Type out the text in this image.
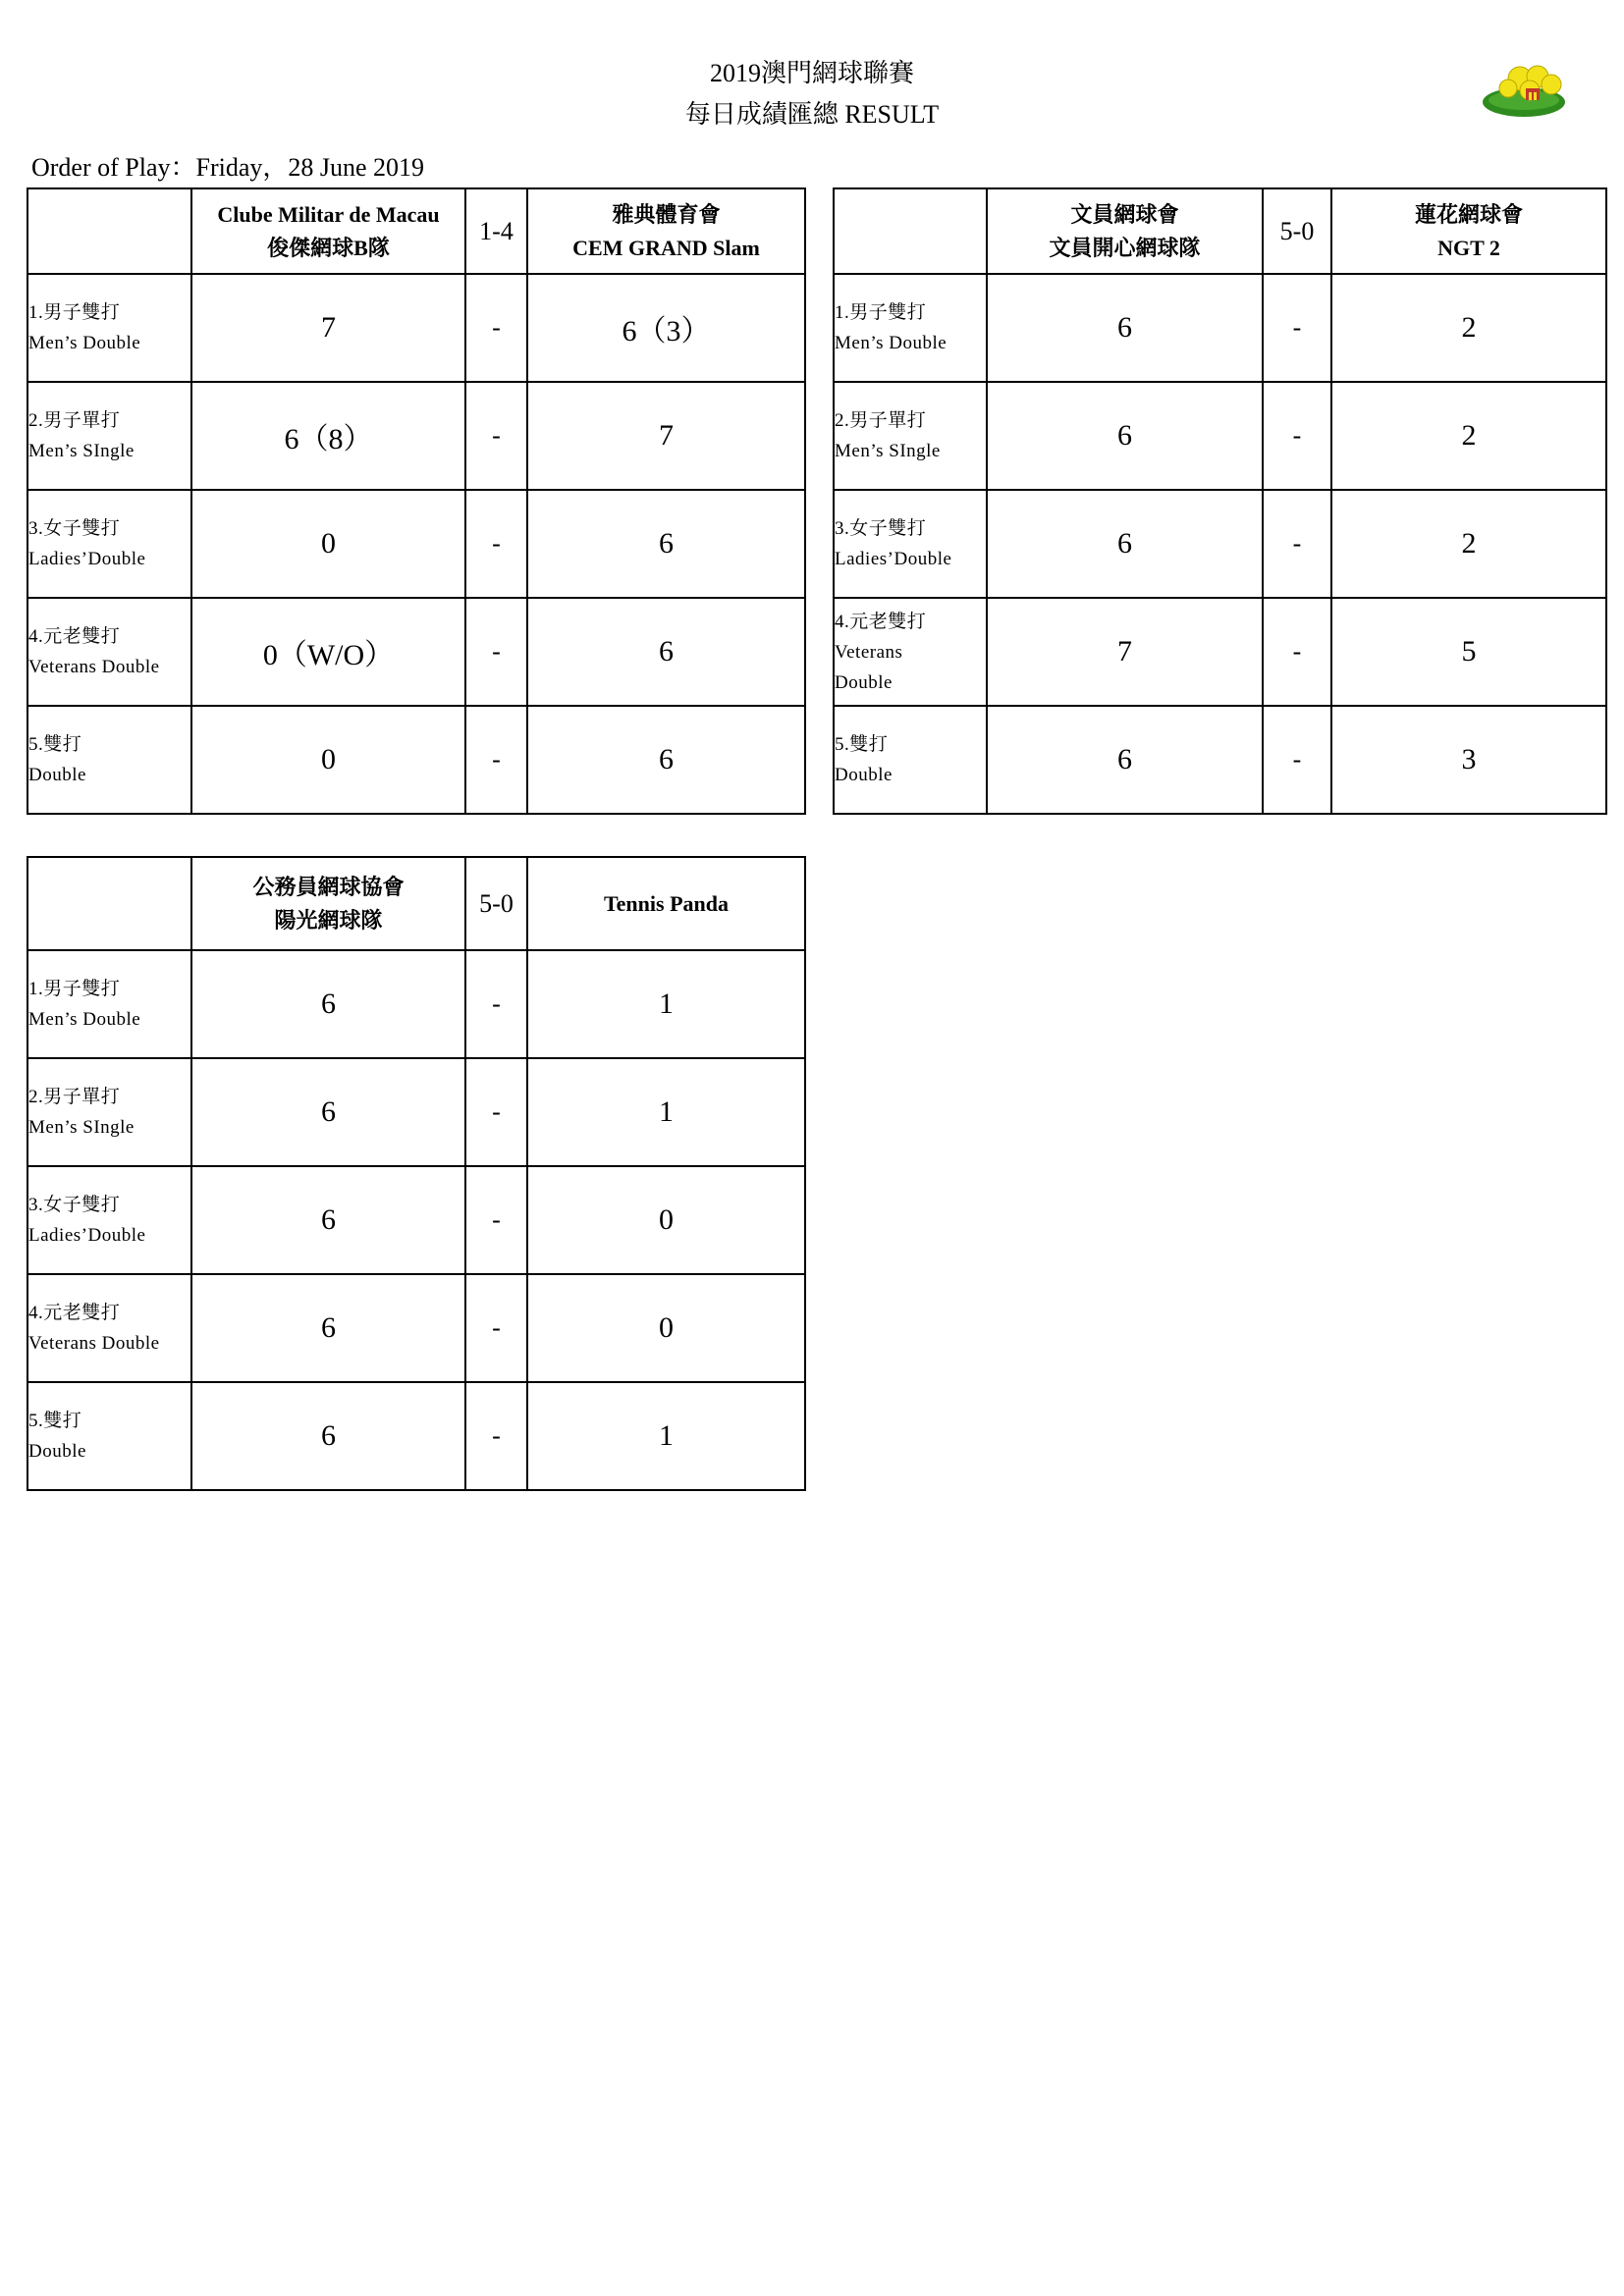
2019澳門網球聯賽
每日成績匯總 RESULT
Order of Play：Friday，28 June 2019

	Clube Militar de Macau
俊傑網球B隊	1-4	雅典體育會
CEM GRAND Slam

1.男子雙打
Men’s Double	7	-	6（3）

2.男子單打
Men’s SIngle	6（8）	-	7

3.女子雙打
Ladies’Double	0	-	6

4.元老雙打
Veterans Double	0（W/O）	-	6

5.雙打
Double	0	-	6

	文員網球會
文員開心網球隊	5-0	蓮花網球會
NGT 2

1.男子雙打
Men’s Double	6	-	2

2.男子單打
Men’s SIngle	6	-	2

3.女子雙打
Ladies’Double	6	-	2

4.元老雙打
Veterans
Double	7	-	5

5.雙打
Double	6	-	3

	公務員網球協會
陽光網球隊	5-0	Tennis Panda

1.男子雙打
Men’s Double	6	-	1

2.男子單打
Men’s SIngle	6	-	1

3.女子雙打
Ladies’Double	6	-	0

4.元老雙打
Veterans Double	6	-	0

5.雙打
Double	6	-	1
